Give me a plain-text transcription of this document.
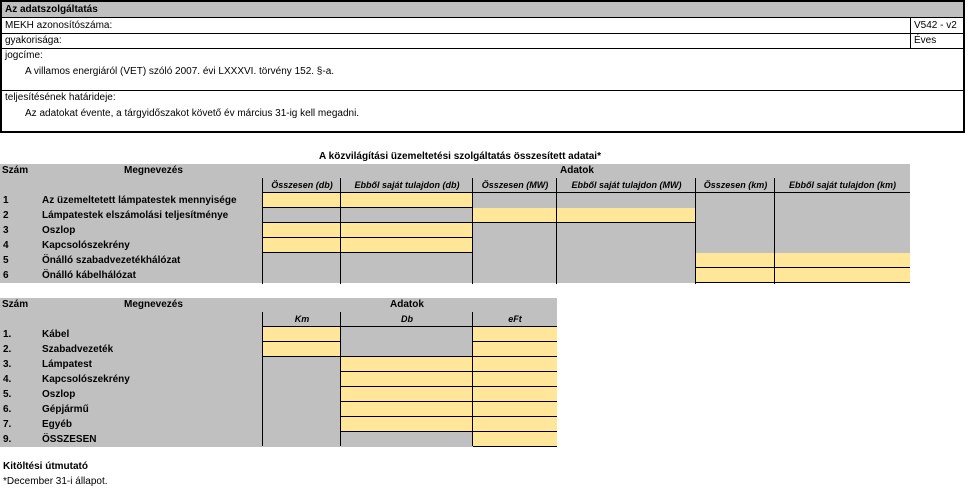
Az adatszolgáltatás
MEKH azonosítószáma:	V542 - v2
gyakorisága:	Éves
jogcíme:
A villamos energiáról (VET) szóló 2007. évi LXXXVI. törvény 152. §-a.
teljesítésének határideje:
Az adatokat évente, a tárgyidőszakot követő év március 31-ig kell megadni.
A közvilágítási üzemeltetési szolgáltatás összesített adatai*
Szám	Megnevezés	Adatok
Összesen (db)	Ebből saját tulajdon (db)	Összesen (MW)	Ebből saját tulajdon (MW)	Összesen (km)	Ebből saját tulajdon (km)
1	Az üzemeltetett lámpatestek mennyisége
2	Lámpatestek elszámolási teljesítménye
3	Oszlop
4	Kapcsolószekrény
5	Önálló szabadvezetékhálózat
6	Önálló kábelhálózat
Szám	Megnevezés	Adatok
Km	Db	eFt
1.	Kábel
2.	Szabadvezeték
3.	Lámpatest
4.	Kapcsolószekrény
5.	Oszlop
6.	Gépjármű
7.	Egyéb
9.	ÖSSZESEN
Kitöltési útmutató
*December 31-i állapot.
